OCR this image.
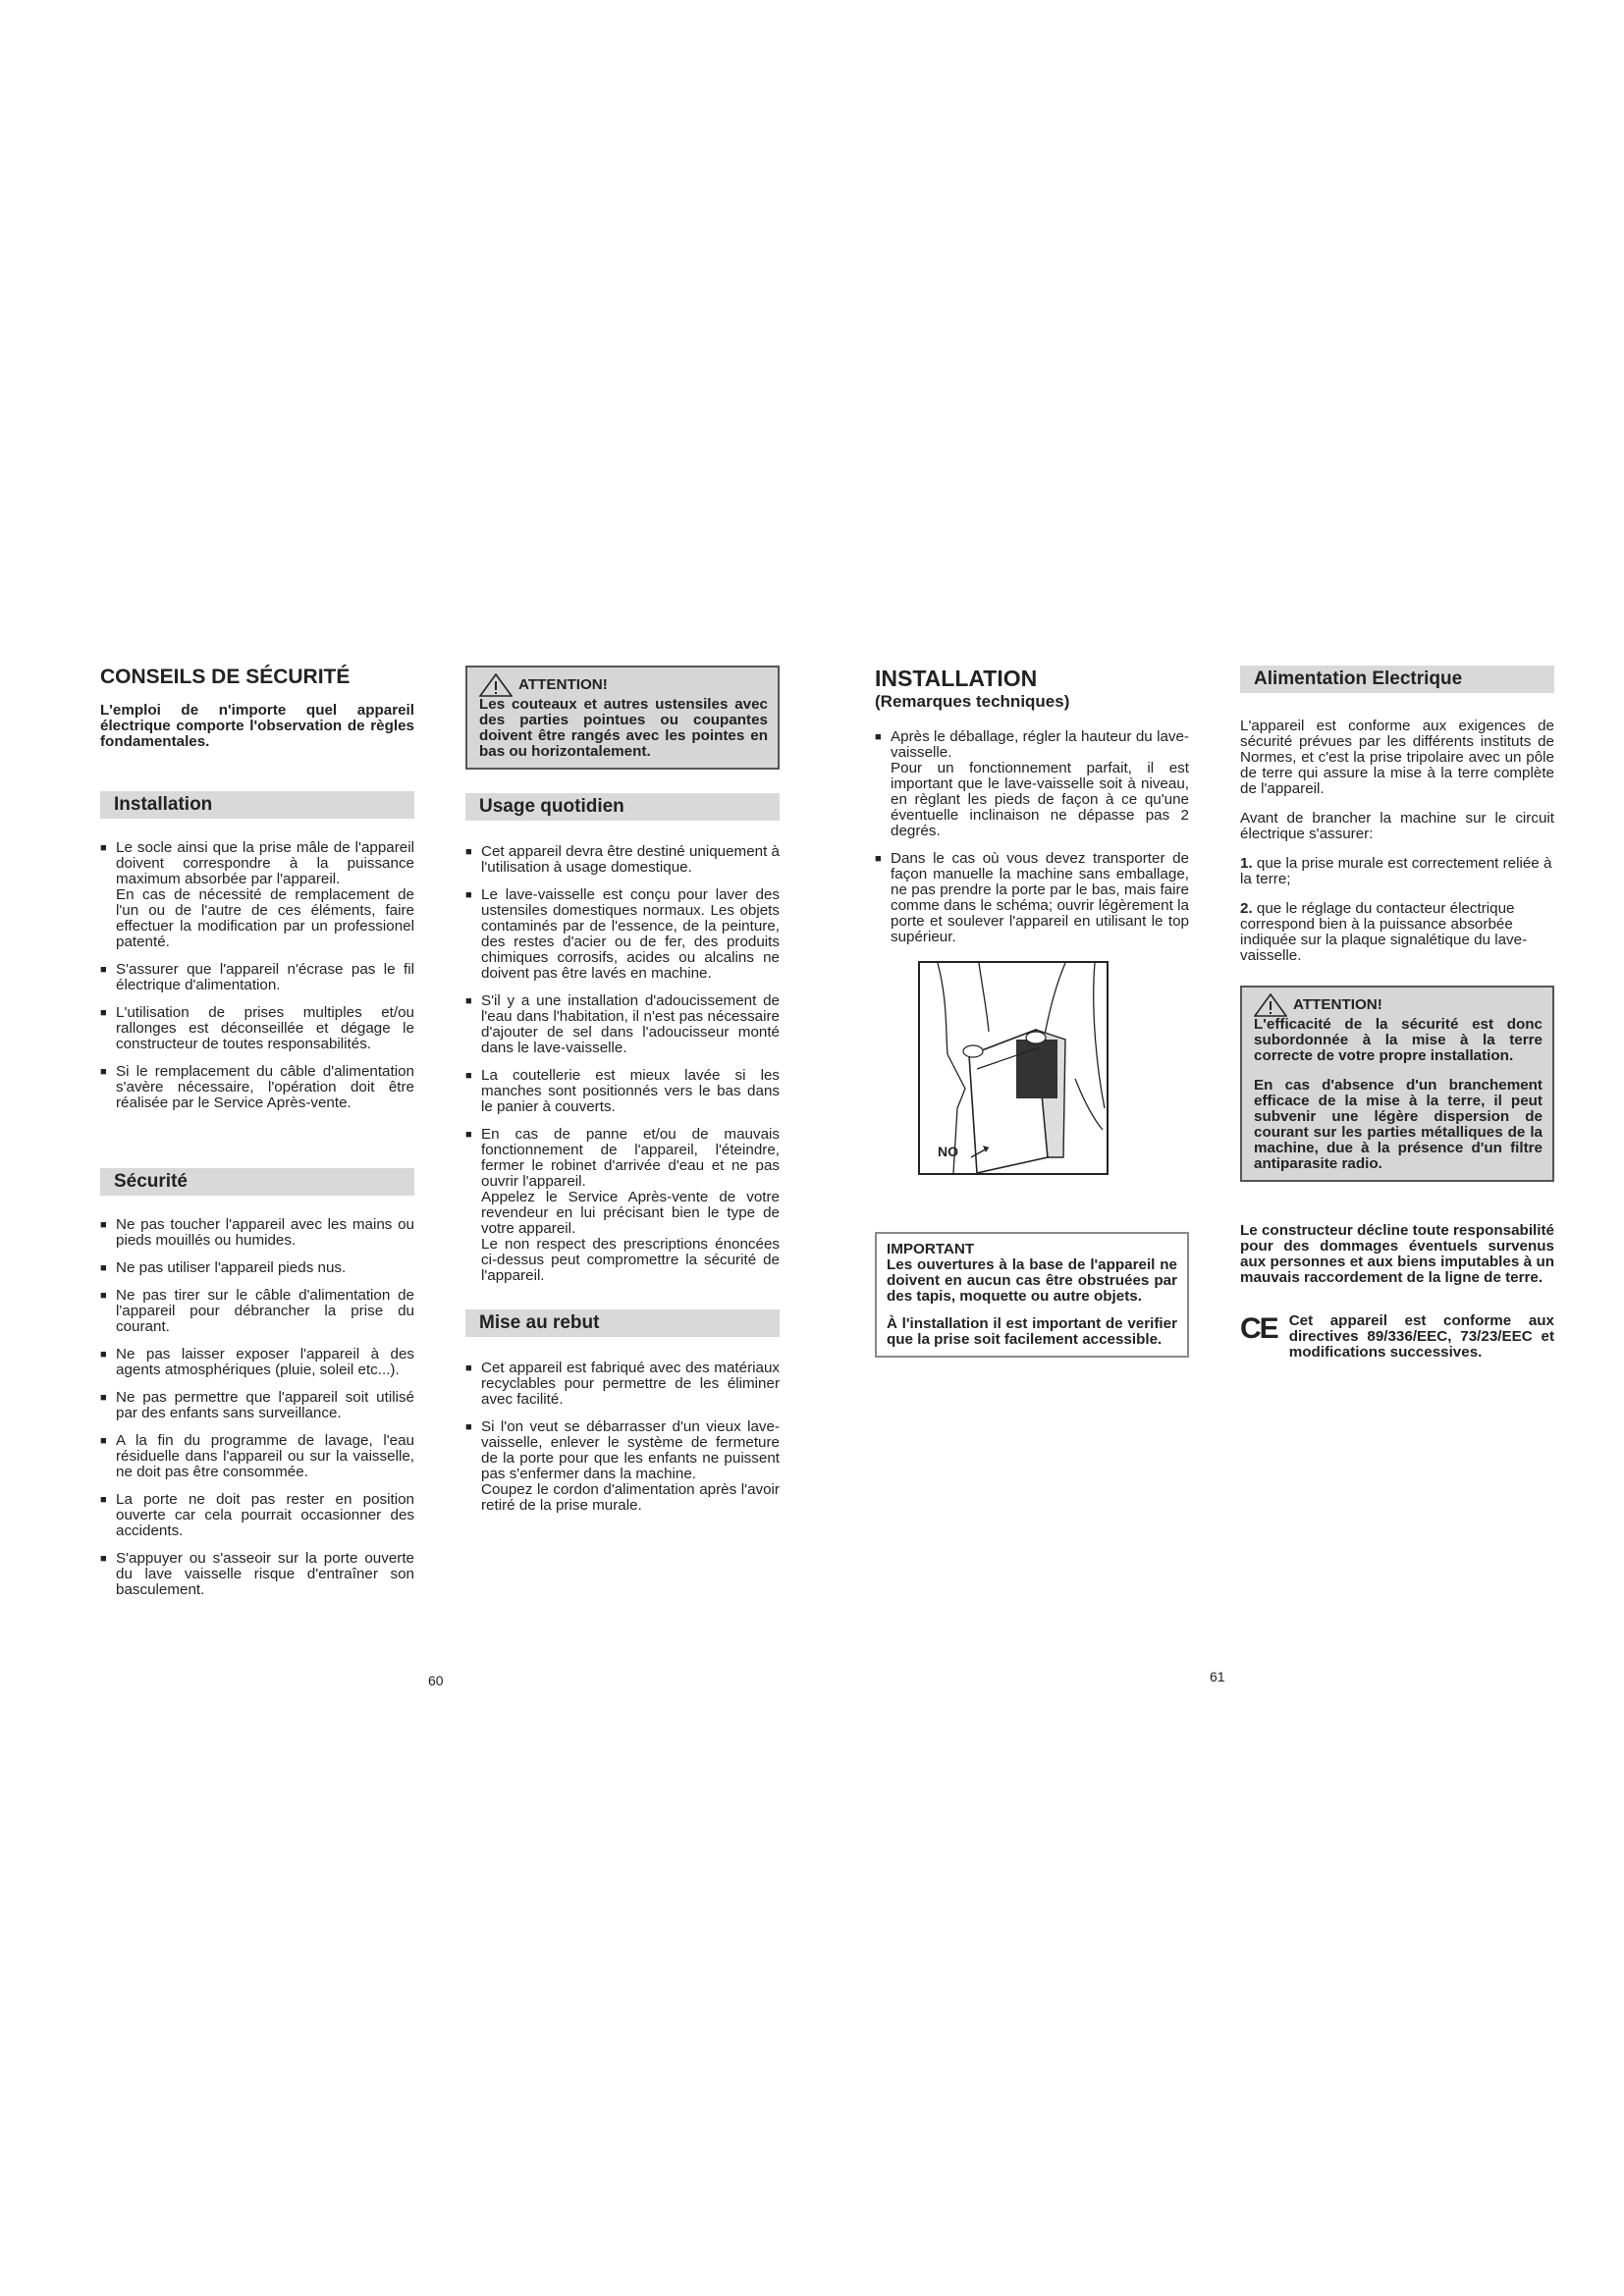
CONSEILS DE SÉCURITÉ
L'emploi de n'importe quel appareil électrique comporte l'observation de règles fondamentales.
Installation
■ Le socle ainsi que la prise mâle de l'appareil doivent correspondre à la puissance maximum absorbée par l'appareil.
En cas de nécessité de remplacement de l'un ou de l'autre de ces éléments, faire effectuer la modification par un professionel patenté.
■ S'assurer que l'appareil n'écrase pas le fil électrique d'alimentation.
■ L'utilisation de prises multiples et/ou rallonges est déconseillée et dégage le constructeur de toutes responsabilités.
■ Si le remplacement du câble d'alimentation s'avère nécessaire, l'opération doit être réalisée par le Service Après-vente.
Sécurité
■ Ne pas toucher l'appareil avec les mains ou pieds mouillés ou humides.
■ Ne pas utiliser l'appareil pieds nus.
■ Ne pas tirer sur le câble d'alimentation de l'appareil pour débrancher la prise du courant.
■ Ne pas laisser exposer l'appareil à des agents atmosphériques (pluie, soleil etc...).
■ Ne pas permettre que l'appareil soit utilisé par des enfants sans surveillance.
■ A la fin du programme de lavage, l'eau résiduelle dans l'appareil ou sur la vaisselle, ne doit pas être consommée.
■ La porte ne doit pas rester en position ouverte car cela pourrait occasionner des accidents.
■ S'appuyer ou s'asseoir sur la porte ouverte du lave vaisselle risque d'entraîner son basculement.
ATTENTION!
Les couteaux et autres ustensiles avec des parties pointues ou coupantes doivent être rangés avec les pointes en bas ou horizontalement.
Usage quotidien
■ Cet appareil devra être destiné uniquement à l'utilisation à usage domestique.
■ Le lave-vaisselle est conçu pour laver des ustensiles domestiques normaux. Les objets contaminés par de l'essence, de la peinture, des restes d'acier ou de fer, des produits chimiques corrosifs, acides ou alcalins ne doivent pas être lavés en machine.
■ S'il y a une installation d'adoucissement de l'eau dans l'habitation, il n'est pas nécessaire d'ajouter de sel dans l'adoucisseur monté dans le lave-vaisselle.
■ La coutellerie est mieux lavée si les manches sont positionnés vers le bas dans le panier à couverts.
■ En cas de panne et/ou de mauvais fonctionnement de l'appareil, l'éteindre, fermer le robinet d'arrivée d'eau et ne pas ouvrir l'appareil.
Appelez le Service Après-vente de votre revendeur en lui précisant bien le type de votre appareil.
Le non respect des prescriptions énoncées ci-dessus peut compromettre la sécurité de l'appareil.
Mise au rebut
■ Cet appareil est fabriqué avec des matériaux recyclables pour permettre de les éliminer avec facilité.
■ Si l'on veut se débarrasser d'un vieux lave-vaisselle, enlever le système de fermeture de la porte pour que les enfants ne puissent pas s'enfermer dans la machine.
Coupez le cordon d'alimentation après l'avoir retiré de la prise murale.
60
INSTALLATION
(Remarques techniques)
■ Après le déballage, régler la hauteur du lave-vaisselle.
Pour un fonctionnement parfait, il est important que le lave-vaisselle soit à niveau, en règlant les pieds de façon à ce qu'une éventuelle inclinaison ne dépasse pas 2 degrés.
■ Dans le cas où vous devez transporter de façon manuelle la machine sans emballage, ne pas prendre la porte par le bas, mais faire comme dans le schéma; ouvrir légèrement la porte et soulever l'appareil en utilisant le top supérieur.
NO
IMPORTANT
Les ouvertures à la base de l'appareil ne doivent en aucun cas être obstruées par des tapis, moquette ou autre objets.
À l'installation il est important de verifier que la prise soit facilement accessible.
Alimentation Electrique
L'appareil est conforme aux exigences de sécurité prévues par les différents instituts de Normes, et c'est la prise tripolaire avec un pôle de terre qui assure la mise à la terre complète de l'appareil.
Avant de brancher la machine sur le circuit électrique s'assurer:
1. que la prise murale est correctement reliée à la terre;
2. que le réglage du contacteur électrique correspond bien à la puissance absorbée indiquée sur la plaque signalétique du lave-vaisselle.
ATTENTION!
L'efficacité de la sécurité est donc subordonnée à la mise à la terre correcte de votre propre installation.
En cas d'absence d'un branchement efficace de la mise à la terre, il peut subvenir une légère dispersion de courant sur les parties métalliques de la machine, due à la présence d'un filtre antiparasite radio.
Le constructeur décline toute responsabilité pour des dommages éventuels survenus aux personnes et aux biens imputables à un mauvais raccordement de la ligne de terre.
CE Cet appareil est conforme aux directives 89/336/EEC, 73/23/EEC et modifications successives.
61
